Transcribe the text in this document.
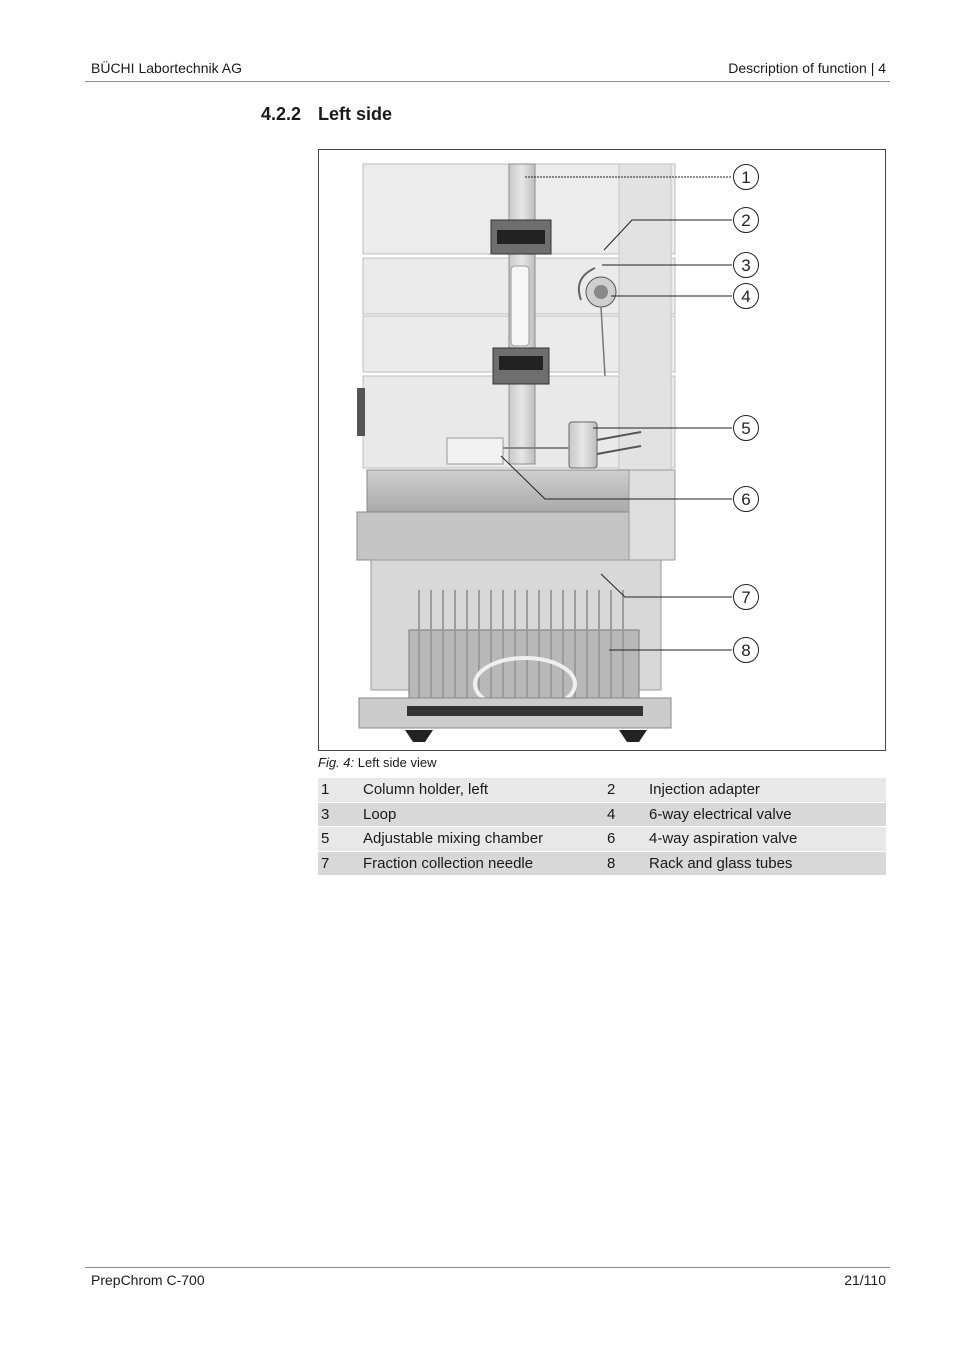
BÜCHI Labortechnik AG	Description of function | 4
4.2.2 Left side
1
2
3
4
5
6
7
8
Fig. 4: Left side view
1	Column holder, left	2	Injection adapter
3	Loop	4	6-way electrical valve
5	Adjustable mixing chamber	6	4-way aspiration valve
7	Fraction collection needle	8	Rack and glass tubes
PrepChrom C-700	21/110
